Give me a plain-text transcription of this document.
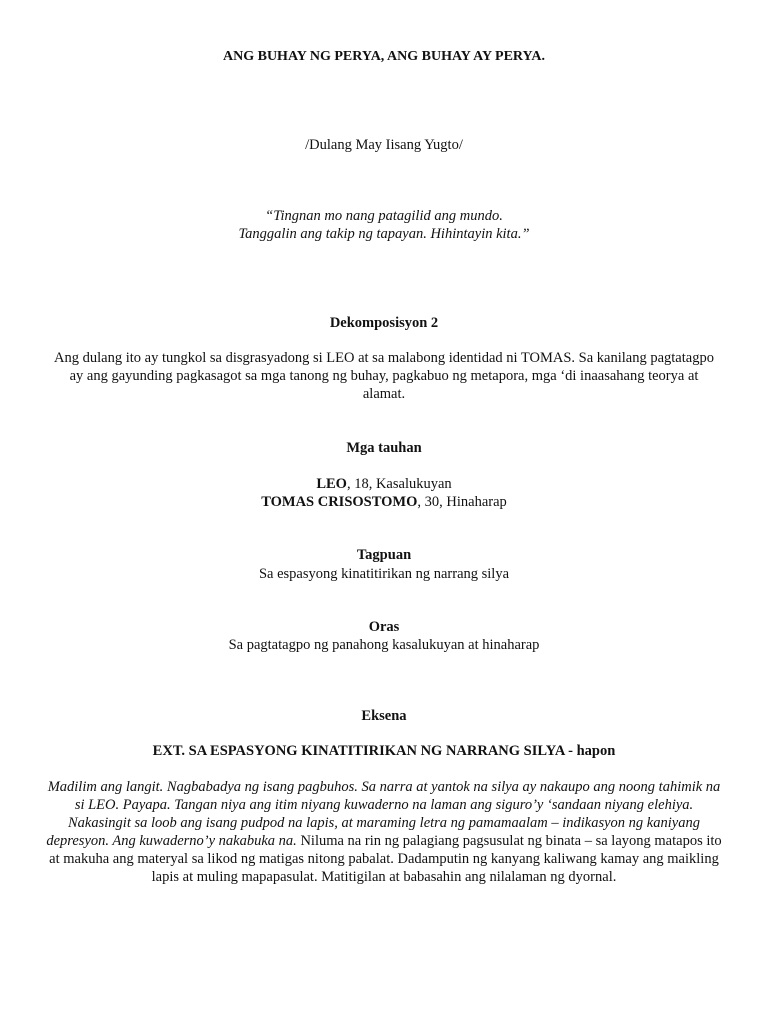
ANG BUHAY NG PERYA, ANG BUHAY AY PERYA.
/Dulang May Iisang Yugto/
“Tingnan mo nang patagilid ang mundo.
Tanggalin ang takip ng tapayan. Hihintayin kita.”
Dekomposisyon 2
Ang dulang ito ay tungkol sa disgrasyadong si LEO at sa malabong identidad ni TOMAS. Sa kanilang pagtatagpo ay ang gayunding pagkasagot sa mga tanong ng buhay, pagkabuo ng metapora, mga ‘di inaasahang teorya at alamat.
Mga tauhan
LEO, 18, Kasalukuyan
TOMAS CRISOSTOMO, 30, Hinaharap
Tagpuan
Sa espasyong kinatitirikan ng narrang silya
Oras
Sa pagtatagpo ng panahong kasalukuyan at hinaharap
Eksena
EXT. SA ESPASYONG KINATITIRIKAN NG NARRANG SILYA - hapon
Madilim ang langit. Nagbabadya ng isang pagbuhos. Sa narra at yantok na silya ay nakaupo ang noong tahimik na si LEO. Payapa. Tangan niya ang itim niyang kuwaderno na laman ang siguro’y ‘sandaan niyang elehiya. Nakasingit sa loob ang isang pudpod na lapis, at maraming letra ng pamamaalam – indikasyon ng kaniyang depresyon. Ang kuwaderno’y nakabuka na. Niluma na rin ng palagiang pagsusulat ng binata – sa layong matapos ito at makuha ang materyal sa likod ng matigas nitong pabalat. Dadamputin ng kanyang kaliwang kamay ang maikling lapis at muling mapapasulat. Matitigilan at babasahin ang nilalaman ng dyornal.
